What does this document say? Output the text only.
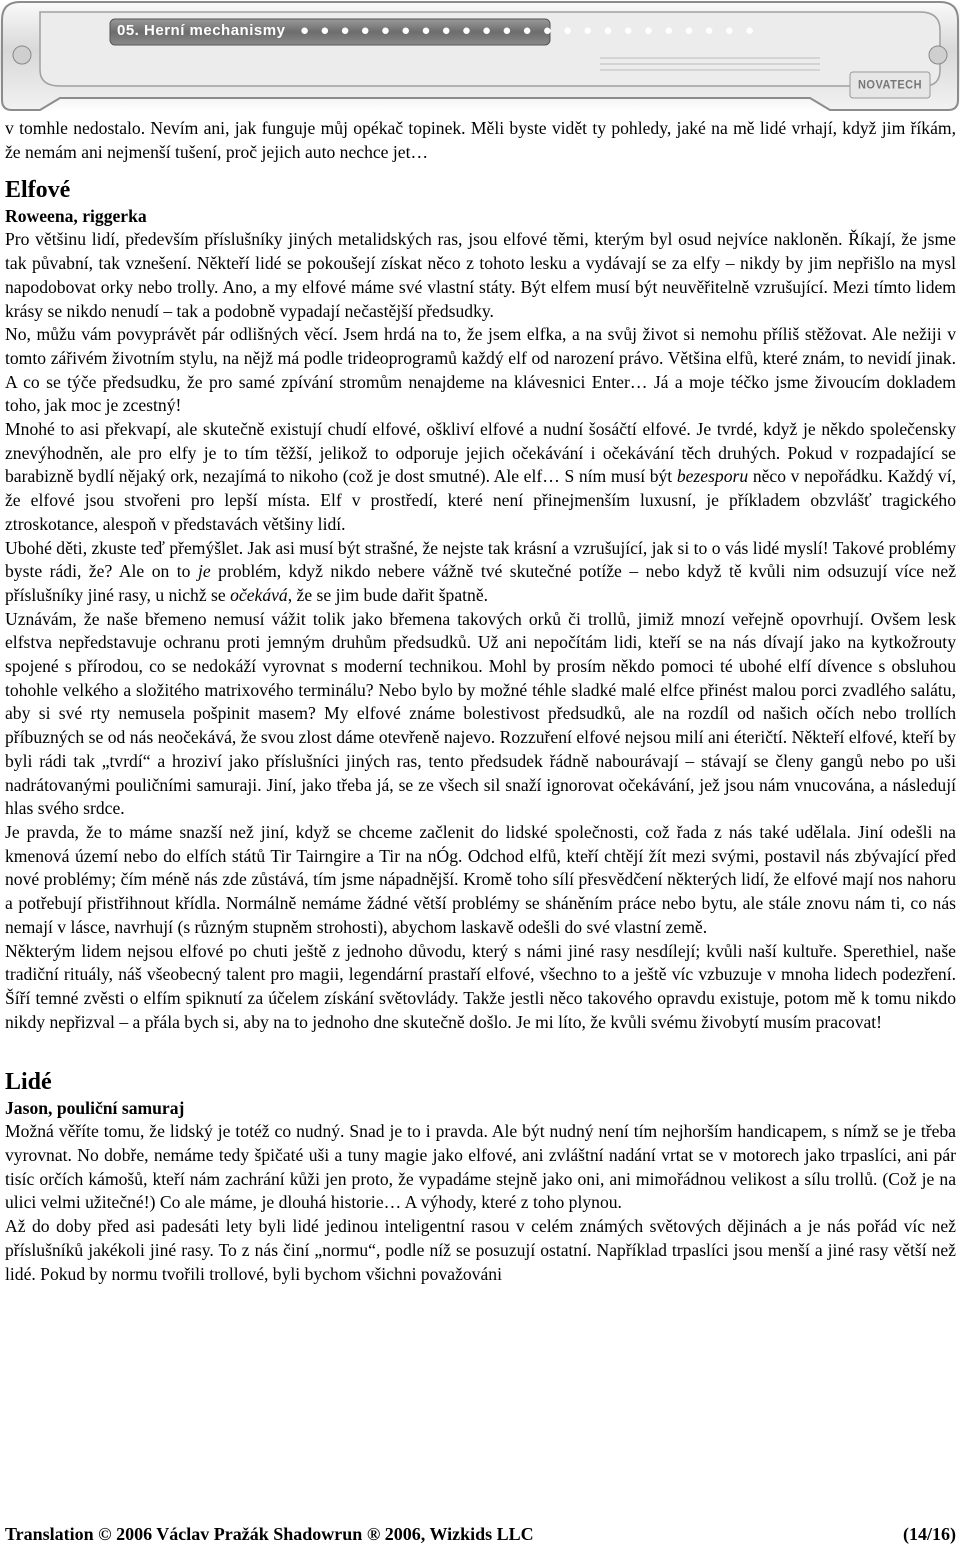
05. Herní mechanismy ● ● ● ● ● ● ● ● ● ● ● ● ● ● ● ● ● ● ● ● ● ● ●
NOVATECH

v tomhle nedostalo. Nevím ani, jak funguje můj opékač topinek. Měli byste vidět ty pohledy, jaké na mě lidé vrhají, když jim říkám, že nemám ani nejmenší tušení, proč jejich auto nechce jet…

Elfové

Roweena, riggerka

Pro většinu lidí, především příslušníky jiných metalidských ras, jsou elfové těmi, kterým byl osud nejvíce nakloněn. Říkají, že jsme tak půvabní, tak vznešení. Někteří lidé se pokoušejí získat něco z tohoto lesku a vydávají se za elfy – nikdy by jim nepřišlo na mysl napodobovat orky nebo trolly. Ano, a my elfové máme své vlastní státy. Být elfem musí být neuvěřitelně vzrušující. Mezi tímto lidem krásy se nikdo nenudí – tak a podobně vypadají nečastější předsudky.

No, můžu vám povyprávět pár odlišných věcí. Jsem hrdá na to, že jsem elfka, a na svůj život si nemohu příliš stěžovat. Ale nežiji v tomto zářivém životním stylu, na nějž má podle trideoprogramů každý elf od narození právo. Většina elfů, které znám, to nevidí jinak. A co se týče předsudku, že pro samé zpívání stromům nenajdeme na klávesnici Enter… Já a moje téčko jsme živoucím dokladem toho, jak moc je zcestný!

Mnohé to asi překvapí, ale skutečně existují chudí elfové, oškliví elfové a nudní šosáčtí elfové. Je tvrdé, když je někdo společensky znevýhodněn, ale pro elfy je to tím těžší, jelikož to odporuje jejich očekávání i očekávání těch druhých. Pokud v rozpadající se barabizně bydlí nějaký ork, nezajímá to nikoho (což je dost smutné). Ale elf… S ním musí být bezesporu něco v nepořádku. Každý ví, že elfové jsou stvořeni pro lepší místa. Elf v prostředí, které není přinejmenším luxusní, je příkladem obzvlášť tragického ztroskotance, alespoň v představách většiny lidí.

Ubohé děti, zkuste teď přemýšlet. Jak asi musí být strašné, že nejste tak krásní a vzrušující, jak si to o vás lidé myslí! Takové problémy byste rádi, že? Ale on to je problém, když nikdo nebere vážně tvé skutečné potíže – nebo když tě kvůli nim odsuzují více než příslušníky jiné rasy, u nichž se očekává, že se jim bude dařit špatně.

Uznávám, že naše břemeno nemusí vážit tolik jako břemena takových orků či trollů, jimiž mnozí veřejně opovrhují. Ovšem lesk elfstva nepředstavuje ochranu proti jemným druhům předsudků. Už ani nepočítám lidi, kteří se na nás dívají jako na kytkožrouty spojené s přírodou, co se nedokáží vyrovnat s moderní technikou. Mohl by prosím někdo pomoci té ubohé elfí dívence s obsluhou tohohle velkého a složitého matrixového terminálu? Nebo bylo by možné téhle sladké malé elfce přinést malou porci zvadlého salátu, aby si své rty nemusela pošpinit masem? My elfové známe bolestivost předsudků, ale na rozdíl od našich očích nebo trollích příbuzných se od nás neočekává, že svou zlost dáme otevřeně najevo. Rozzuření elfové nejsou milí ani éteričtí. Někteří elfové, kteří by byli rádi tak „tvrdí“ a hroziví jako příslušníci jiných ras, tento předsudek řádně nabourávají – stávají se členy gangů nebo po uši nadrátovanými pouličními samuraji. Jiní, jako třeba já, se ze všech sil snaží ignorovat očekávání, jež jsou nám vnucována, a následují hlas svého srdce.

Je pravda, že to máme snazší než jiní, když se chceme začlenit do lidské společnosti, což řada z nás také udělala. Jiní odešli na kmenová území nebo do elfích států Tir Tairngire a Tir na nÓg. Odchod elfů, kteří chtějí žít mezi svými, postavil nás zbývající před nové problémy; čím méně nás zde zůstává, tím jsme nápadnější. Kromě toho sílí přesvědčení některých lidí, že elfové mají nos nahoru a potřebují přistřihnout křídla. Normálně nemáme žádné větší problémy se sháněním práce nebo bytu, ale stále znovu nám ti, co nás nemají v lásce, navrhují (s různým stupněm strohosti), abychom laskavě odešli do své vlastní země.

Některým lidem nejsou elfové po chuti ještě z jednoho důvodu, který s námi jiné rasy nesdílejí; kvůli naší kultuře. Sperethiel, naše tradiční rituály, náš všeobecný talent pro magii, legendární prastaří elfové, všechno to a ještě víc vzbuzuje v mnoha lidech podezření. Šíří temné zvěsti o elfím spiknutí za účelem získání světovlády. Takže jestli něco takového opravdu existuje, potom mě k tomu nikdo nikdy nepřizval – a přála bych si, aby na to jednoho dne skutečně došlo. Je mi líto, že kvůli svému živobytí musím pracovat!

Lidé

Jason, pouliční samuraj

Možná věříte tomu, že lidský je totéž co nudný. Snad je to i pravda. Ale být nudný není tím nejhorším handicapem, s nímž se je třeba vyrovnat. No dobře, nemáme tedy špičaté uši a tuny magie jako elfové, ani zvláštní nadání vrtat se v motorech jako trpaslíci, ani pár tisíc orčích kámošů, kteří nám zachrání kůži jen proto, že vypadáme stejně jako oni, ani mimořádnou velikost a sílu trollů. (Což je na ulici velmi užitečné!) Co ale máme, je dlouhá historie… A výhody, které z toho plynou.

Až do doby před asi padesáti lety byli lidé jedinou inteligentní rasou v celém známých světových dějinách a je nás pořád víc než příslušníků jakékoli jiné rasy. To z nás činí „normu“, podle níž se posuzují ostatní. Například trpaslíci jsou menší a jiné rasy větší než lidé. Pokud by normu tvořili trollové, byli bychom všichni považováni

Translation © 2006 Václav Pražák Shadowrun ® 2006, Wizkids LLC	(14/16)
